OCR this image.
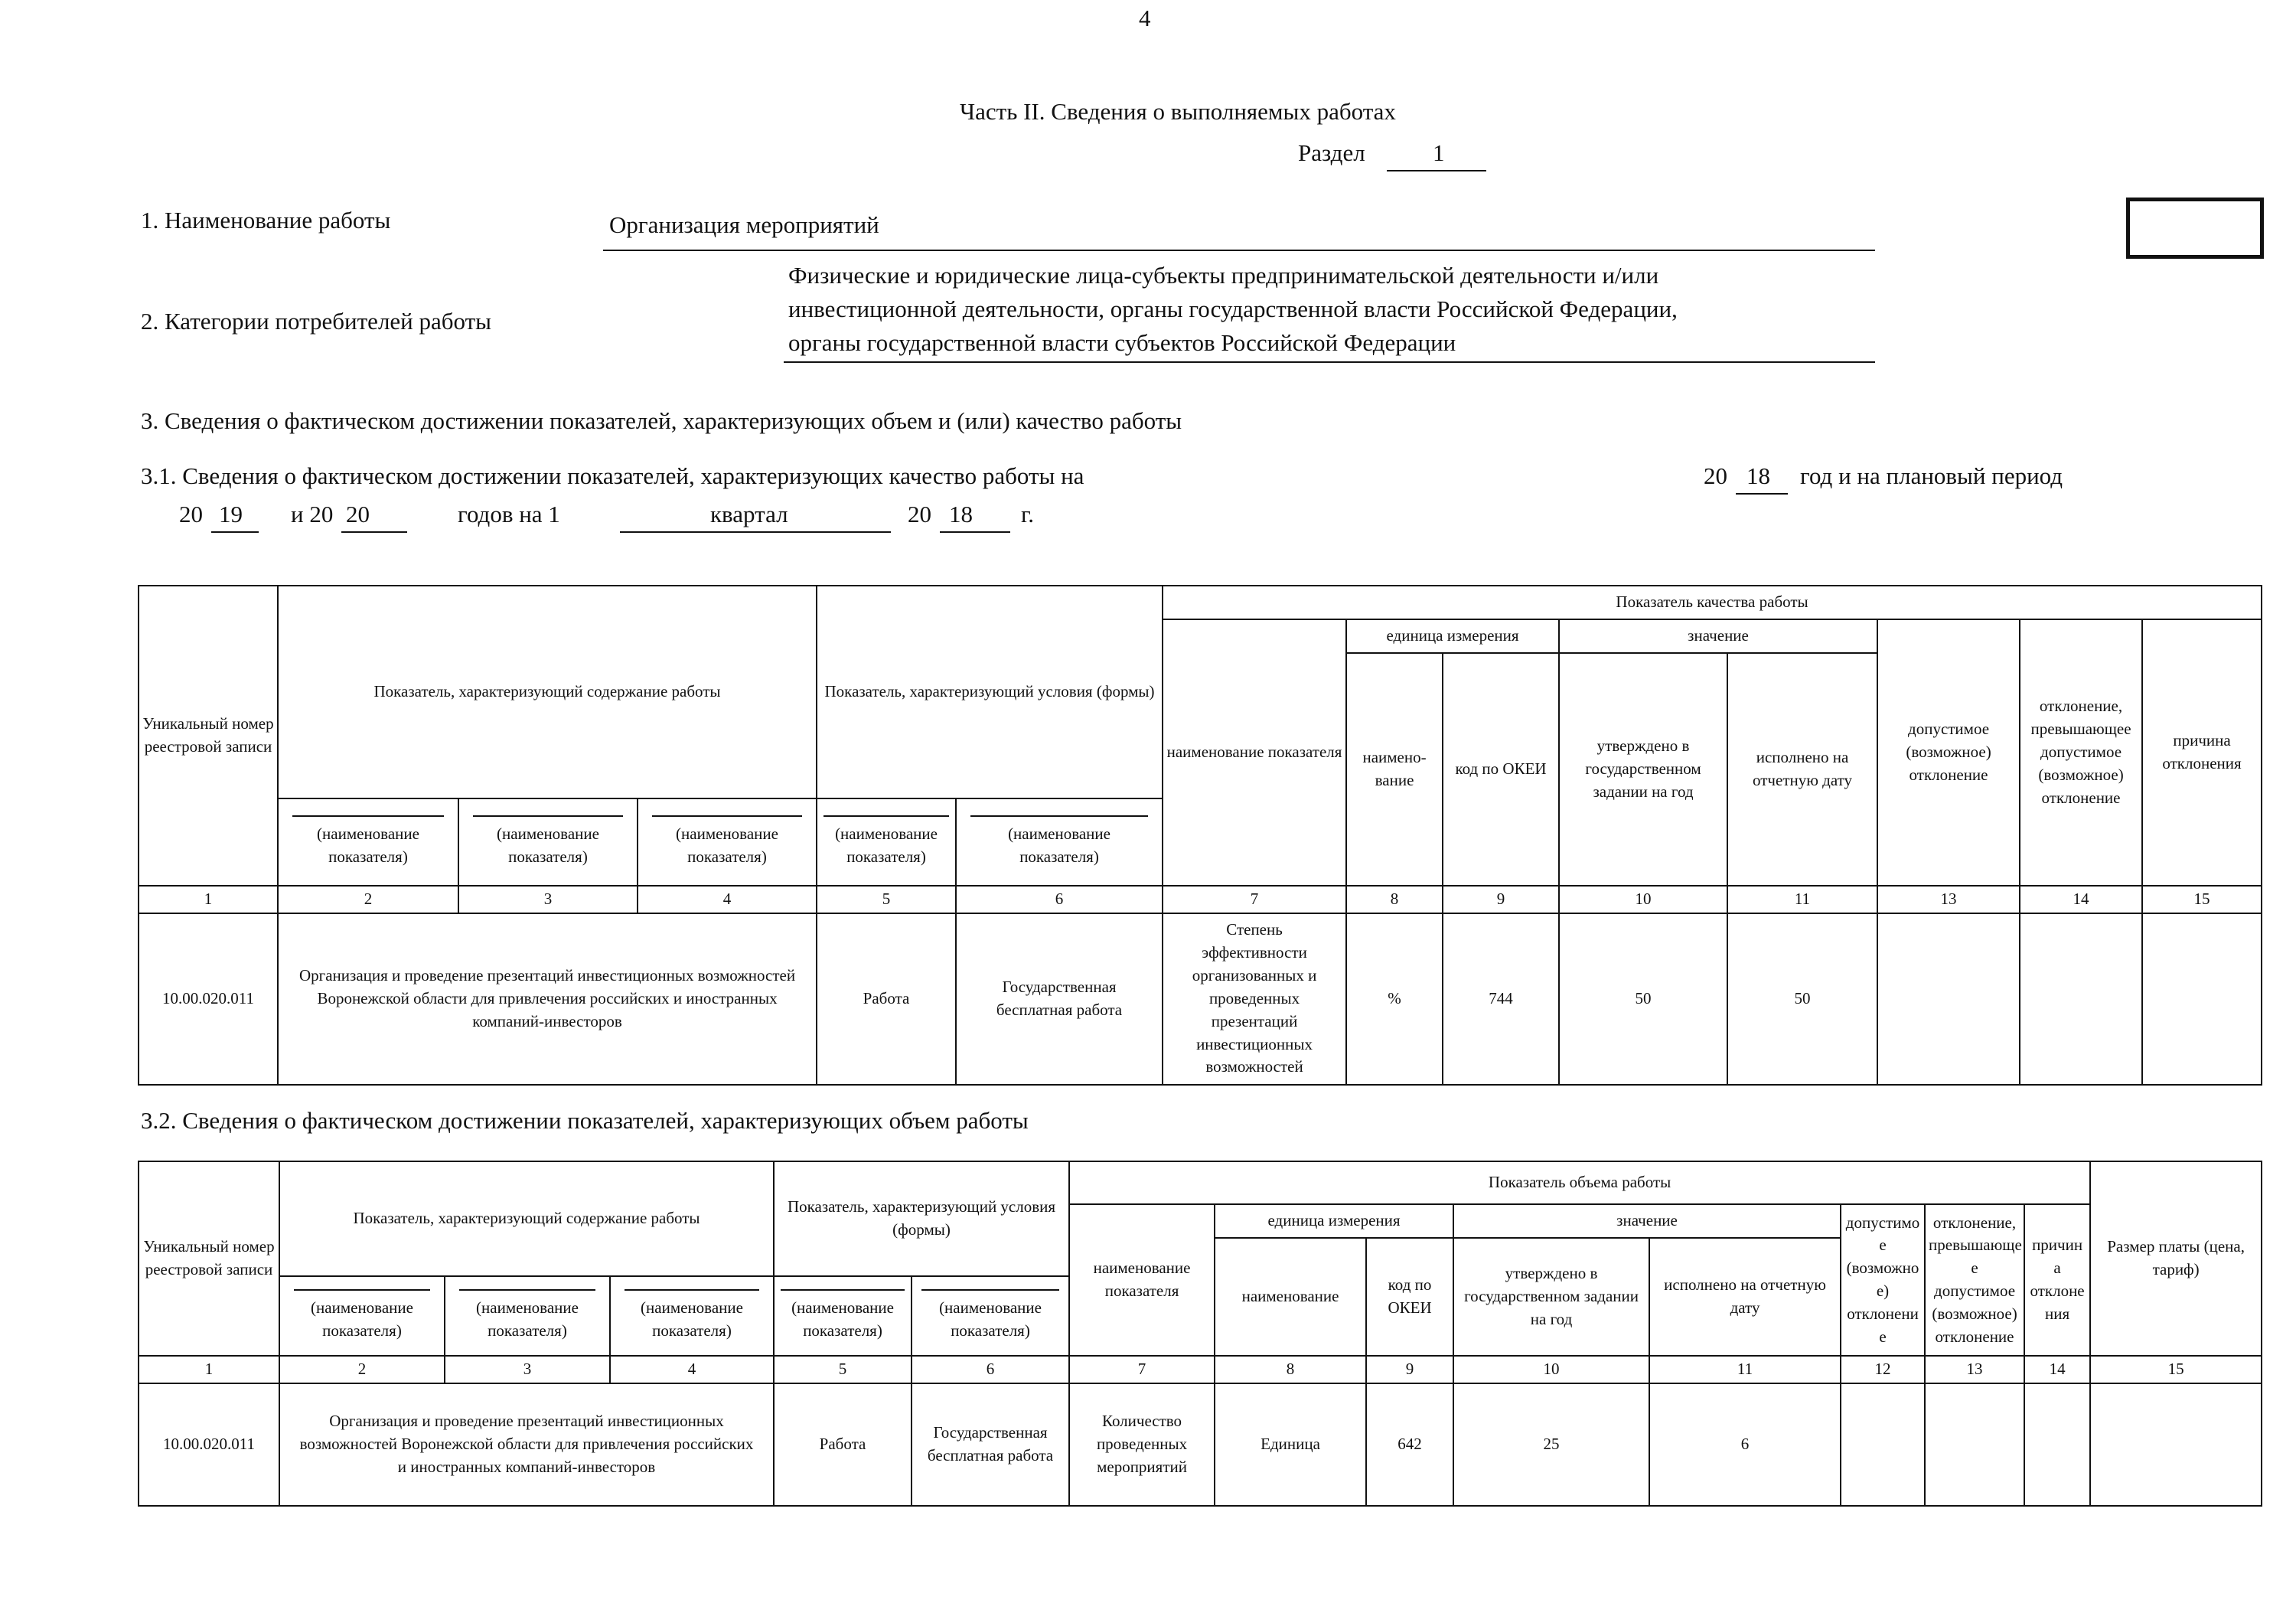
4
Часть II. Сведения о выполняемых работах
Раздел	1
1. Наименование работы	Организация мероприятий
2. Категории потребителей работы
Физические и юридические лица-субъекты предпринимательской деятельности и/или
инвестиционной деятельности, органы государственной власти Российской Федерации,
органы государственной власти субъектов Российской Федерации
3. Сведения о фактическом достижении показателей, характеризующих объем и (или) качество работы
3.1. Сведения о фактическом достижении показателей, характеризующих качество работы на	20 18 год и на плановый период
20 19 и 20 20	годов на 1	квартал	20 18 г.
Уникальный номер реестровой записи	Показатель, характеризующий содержание работы			Показатель, характеризующий условия (формы)		Показатель качества работы							
						наименование показателя	единица измерения		значение		допустимое (возможное) отклонение	отклонение, превышающее допустимое (возможное) отклонение	причина отклонения
							наимено-вание	код по ОКЕИ	утверждено в государственном задании на год	исполнено на отчетную дату			

	(наименование показателя)	(наименование показателя)	(наименование показателя)	(наименование показателя)	(наименование показателя)								

1	2	3	4	5	6	7	8	9	10	11	13	14	15
10.00.020.011	Организация и проведение презентаций инвестиционных возможностей Воронежской области для привлечения российских и иностранных компаний-инвесторов			Работа	Государственная бесплатная работа	Степень эффективности организованных и проведенных презентаций инвестиционных возможностей	%	744	50	50			
3.2. Сведения о фактическом достижении показателей, характеризующих объем работы
Уникальный номер реестровой записи	Показатель, характеризующий содержание работы			Показатель, характеризующий условия (формы)		Показатель объема работы								Размер платы (цена, тариф)
						наименование показателя	единица измерения		значение		допустимо е (возможно е) отклонени е	отклонение, превышающе е допустимое (возможное) отклонение	причин а отклоне ния	
							наименование	код по ОКЕИ	утверждено в государственном задании на год	исполнено на отчетную дату				

	(наименование показателя)	(наименование показателя)	(наименование показателя)	(наименование показателя)	(наименование показателя)									

1	2	3	4	5	6	7	8	9	10	11	12	13	14	15
10.00.020.011	Организация и проведение презентаций инвестиционных возможностей Воронежской области для привлечения российских и иностранных компаний-инвесторов			Работа	Государственная бесплатная работа	Количество проведенных мероприятий	Единица	642	25	6				
